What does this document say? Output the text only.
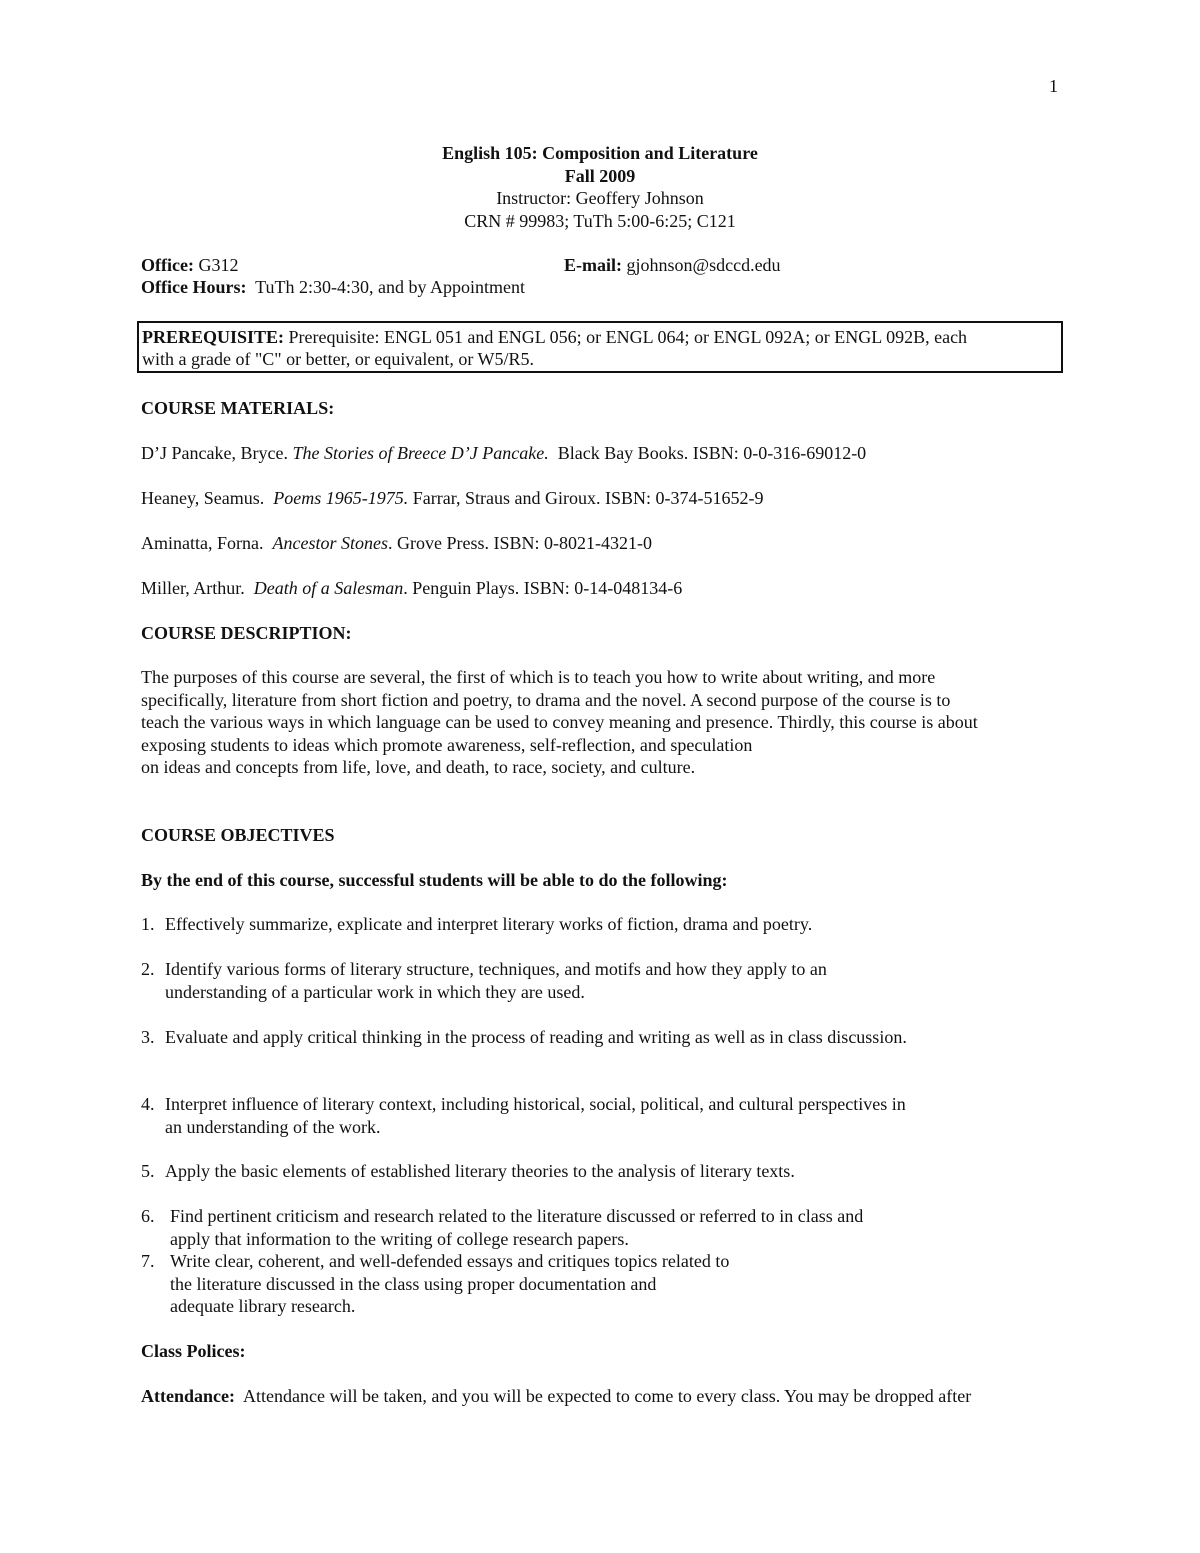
1
English 105: Composition and Literature
Fall 2009
Instructor: Geoffery Johnson
CRN # 99983; TuTh 5:00-6:25; C121
Office: G312	E-mail: gjohnson@sdccd.edu
Office Hours: TuTh 2:30-4:30, and by Appointment
PREREQUISITE: Prerequisite: ENGL 051 and ENGL 056; or ENGL 064; or ENGL 092A; or ENGL 092B, each
with a grade of "C" or better, or equivalent, or W5/R5.
COURSE MATERIALS:
D’J Pancake, Bryce. The Stories of Breece D’J Pancake. Black Bay Books. ISBN: 0-0-316-69012-0
Heaney, Seamus. Poems 1965-1975. Farrar, Straus and Giroux. ISBN: 0-374-51652-9
Aminatta, Forna. Ancestor Stones. Grove Press. ISBN: 0-8021-4321-0
Miller, Arthur. Death of a Salesman. Penguin Plays. ISBN: 0-14-048134-6
COURSE DESCRIPTION:
The purposes of this course are several, the first of which is to teach you how to write about writing, and more
specifically, literature from short fiction and poetry, to drama and the novel. A second purpose of the course is to
teach the various ways in which language can be used to convey meaning and presence. Thirdly, this course is about
exposing students to ideas which promote awareness, self-reflection, and speculation
on ideas and concepts from life, love, and death, to race, society, and culture.
COURSE OBJECTIVES
By the end of this course, successful students will be able to do the following:
1. Effectively summarize, explicate and interpret literary works of fiction, drama and poetry.
2. Identify various forms of literary structure, techniques, and motifs and how they apply to an
understanding of a particular work in which they are used.
3. Evaluate and apply critical thinking in the process of reading and writing as well as in class discussion.
4. Interpret influence of literary context, including historical, social, political, and cultural perspectives in
an understanding of the work.
5. Apply the basic elements of established literary theories to the analysis of literary texts.
6. Find pertinent criticism and research related to the literature discussed or referred to in class and
apply that information to the writing of college research papers.
7. Write clear, coherent, and well-defended essays and critiques topics related to
the literature discussed in the class using proper documentation and
adequate library research.
Class Polices:
Attendance: Attendance will be taken, and you will be expected to come to every class. You may be dropped after
